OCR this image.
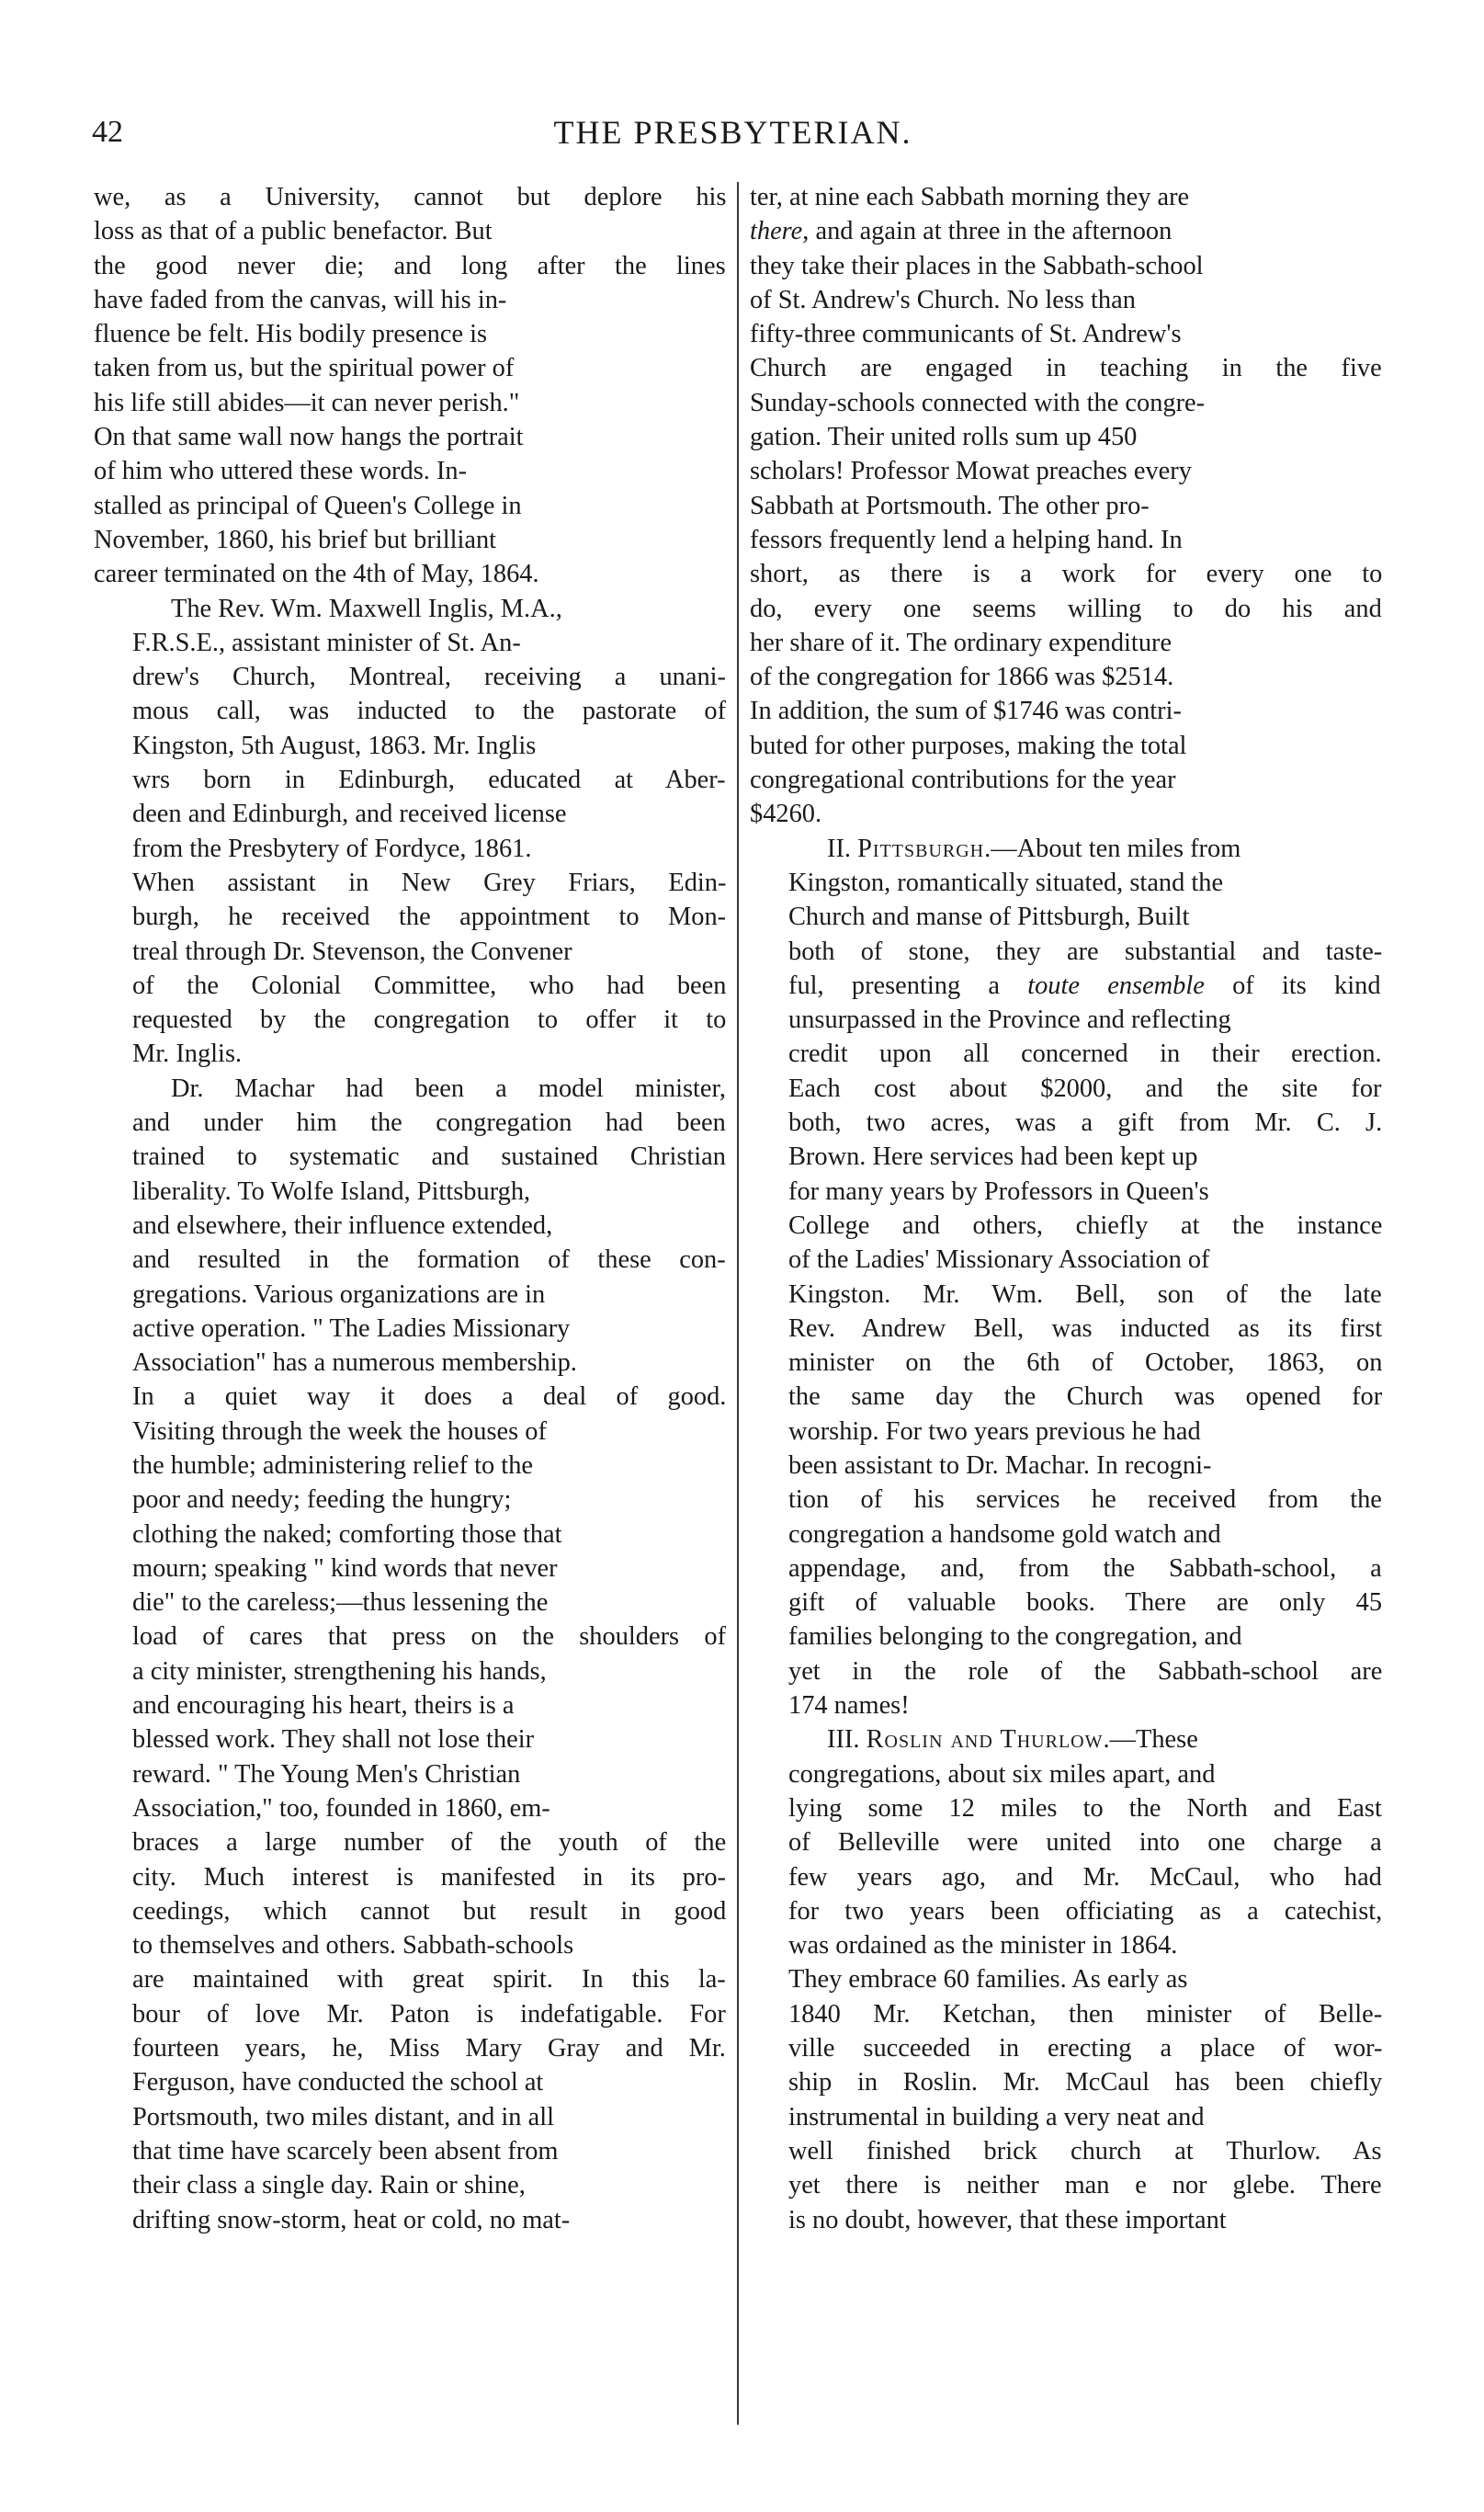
42	THE PRESBYTERIAN.

we, as a University, cannot but deplore his
loss as that of a public benefactor. But
the good never die; and long after the lines
have faded from the canvas, will his in-
fluence be felt. His bodily presence is
taken from us, but the spiritual power of
his life still abides—it can never perish."
On that same wall now hangs the portrait
of him who uttered these words. In-
stalled as principal of Queen's College in
November, 1860, his brief but brilliant
career terminated on the 4th of May, 1864.

The Rev. Wm. Maxwell Inglis, M.A.,
F.R.S.E., assistant minister of St. An-
drew's Church, Montreal, receiving a unani-
mous call, was inducted to the pastorate of
Kingston, 5th August, 1863. Mr. Inglis
wrs born in Edinburgh, educated at Aber-
deen and Edinburgh, and received license
from the Presbytery of Fordyce, 1861.
When assistant in New Grey Friars, Edin-
burgh, he received the appointment to Mon-
treal through Dr. Stevenson, the Convener
of the Colonial Committee, who had been
requested by the congregation to offer it to
Mr. Inglis.

Dr. Machar had been a model minister,
and under him the congregation had been
trained to systematic and sustained Christian
liberality. To Wolfe Island, Pittsburgh,
and elsewhere, their influence extended,
and resulted in the formation of these con-
gregations. Various organizations are in
active operation. " The Ladies Missionary
Association" has a numerous membership.
In a quiet way it does a deal of good.
Visiting through the week the houses of
the humble; administering relief to the
poor and needy; feeding the hungry;
clothing the naked; comforting those that
mourn; speaking " kind words that never
die" to the careless;—thus lessening the
load of cares that press on the shoulders of
a city minister, strengthening his hands,
and encouraging his heart, theirs is a
blessed work. They shall not lose their
reward. " The Young Men's Christian
Association," too, founded in 1860, em-
braces a large number of the youth of the
city. Much interest is manifested in its pro-
ceedings, which cannot but result in good
to themselves and others. Sabbath-schools
are maintained with great spirit. In this la-
bour of love Mr. Paton is indefatigable. For
fourteen years, he, Miss Mary Gray and Mr.
Ferguson, have conducted the school at
Portsmouth, two miles distant, and in all
that time have scarcely been absent from
their class a single day. Rain or shine,
drifting snow-storm, heat or cold, no mat-

ter, at nine each Sabbath morning they are
there, and again at three in the afternoon
they take their places in the Sabbath-school
of St. Andrew's Church. No less than
fifty-three communicants of St. Andrew's
Church are engaged in teaching in the five
Sunday-schools connected with the congre-
gation. Their united rolls sum up 450
scholars! Professor Mowat preaches every
Sabbath at Portsmouth. The other pro-
fessors frequently lend a helping hand. In
short, as there is a work for every one to
do, every one seems willing to do his and
her share of it. The ordinary expenditure
of the congregation for 1866 was $2514.
In addition, the sum of $1746 was contri-
buted for other purposes, making the total
congregational contributions for the year
$4260.

II. Pittsburgh.—About ten miles from
Kingston, romantically situated, stand the
Church and manse of Pittsburgh, Built
both of stone, they are substantial and taste-
ful, presenting a toute ensemble of its kind
unsurpassed in the Province and reflecting
credit upon all concerned in their erection.
Each cost about $2000, and the site for
both, two acres, was a gift from Mr. C. J.
Brown. Here services had been kept up
for many years by Professors in Queen's
College and others, chiefly at the instance
of the Ladies' Missionary Association of
Kingston. Mr. Wm. Bell, son of the late
Rev. Andrew Bell, was inducted as its first
minister on the 6th of October, 1863, on
the same day the Church was opened for
worship. For two years previous he had
been assistant to Dr. Machar. In recogni-
tion of his services he received from the
congregation a handsome gold watch and
appendage, and, from the Sabbath-school, a
gift of valuable books. There are only 45
families belonging to the congregation, and
yet in the role of the Sabbath-school are
174 names!

III. Roslin and Thurlow.—These
congregations, about six miles apart, and
lying some 12 miles to the North and East
of Belleville were united into one charge a
few years ago, and Mr. McCaul, who had
for two years been officiating as a catechist,
was ordained as the minister in 1864.
They embrace 60 families. As early as
1840 Mr. Ketchan, then minister of Belle-
ville succeeded in erecting a place of wor-
ship in Roslin. Mr. McCaul has been chiefly
instrumental in building a very neat and
well finished brick church at Thurlow. As
yet there is neither man e nor glebe. There
is no doubt, however, that these important
